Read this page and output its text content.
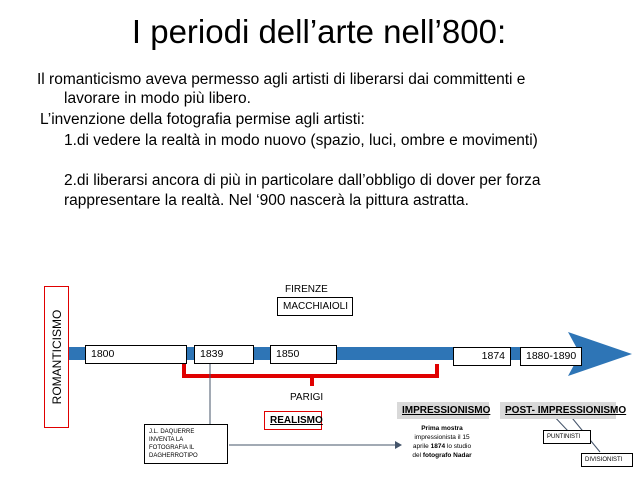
I periodi dell’arte nell’800:
Il romanticismo aveva permesso agli artisti di liberarsi dai committenti e
lavorare in modo più libero.
L’invenzione della fotografia permise agli artisti:
1.di vedere la realtà in modo nuovo (spazio, luci, ombre e movimenti)
2.di liberarsi ancora di più in particolare dall’obbligo di dover per forza
rappresentare la realtà. Nel ‘900 nascerà la pittura astratta.
ROMANTICISMO	1800	1839	1850	1874	1880-1890
FIRENZE
MACCHIAIOLI
PARIGI
REALISMO
IMPRESSIONISMO	POST- IMPRESSIONISMO
J.L. DAQUERRE
INVENTA LA
FOTOGRAFIA IL
DAGHERROTIPO
Prima mostra
impressionista il 15
aprile 1874 lo studio
del fotografo Nadar
PUNTINISTI
DIVISIONISTI
